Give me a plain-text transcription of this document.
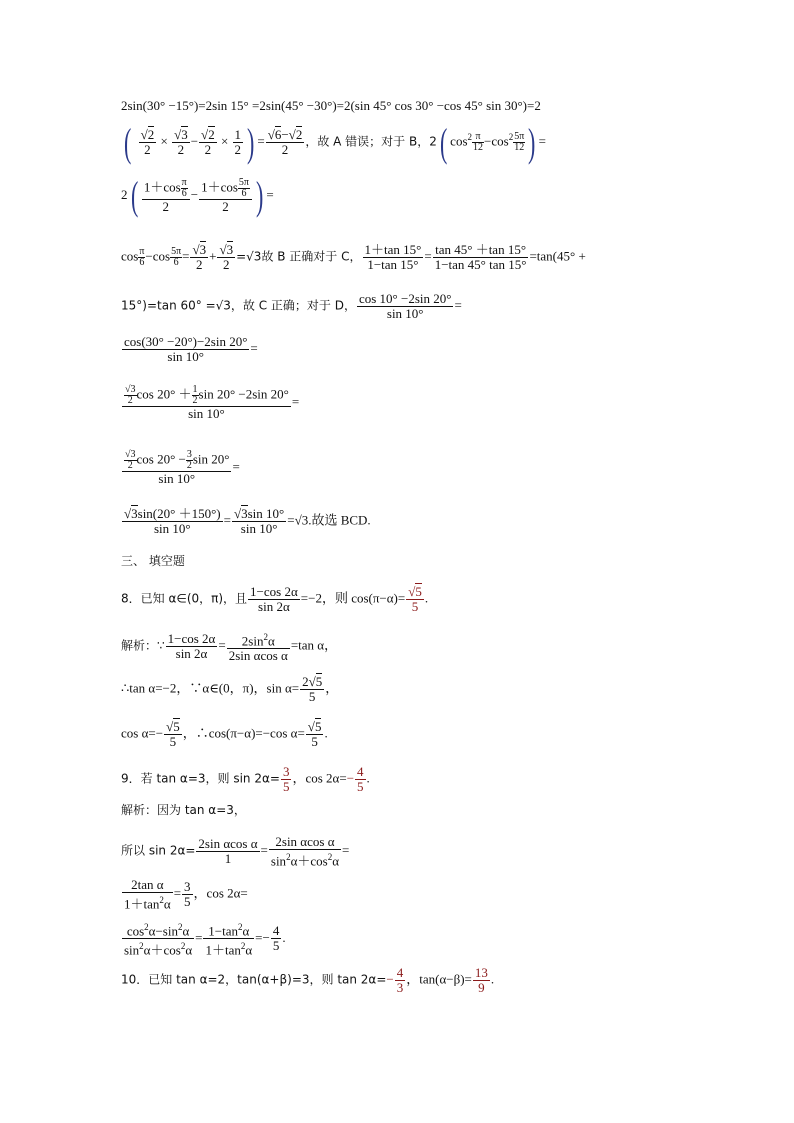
2sin(30° −15°)=2sin 15° =2sin(45° −30°)=2(sin 45° cos 30° −cos 45° sin 30°)=2
( $\frac{√2}{2} \times \frac{√3}{2} - \frac{√2}{2} \times \frac{1}{2}$ ) = $\frac{√6-√2}{2}$ ，故 A 错误；对于 B，2( $\cos^2 \frac{\pi}{12} -\cos^2 \frac{5\pi}{12}$ ) =
$2( \frac{1+\cos \frac{\pi}{6}}{2} - \frac{1+\cos \frac{5\pi}{6}}{2}$ ) =
$\cos \frac{\pi}{6} -\cos \frac{5\pi}{6} = \frac{√3}{2} + \frac{√3}{2} =√3$故 B 正确对于 C， $\frac{1+\tan 15^\circ}{1-\tan 15^\circ} = \frac{\tan 45^\circ +\tan 15^\circ}{1-\tan 45^\circ \tan 15^\circ} =\tan(45^\circ$ +
15°)=tan 60° =√3，故 C 正确；对于 D， $\frac{\cos 10^\circ -2\sin 20^\circ}{\sin 10^\circ}$ =
$\frac{\cos(30^\circ -20^\circ)-2\sin 20^\circ}{\sin 10^\circ}$ =
$\frac{\frac{√3}{2} \cos 20^\circ + \frac{1}{2} \sin 20^\circ -2\sin 20^\circ}{\sin 10^\circ}$ =
$\frac{\frac{√3}{2} \cos 20^\circ - \frac{3}{2} \sin 20^\circ}{\sin 10^\circ}$ =
$\frac{√3\sin(20^\circ +150^\circ)}{\sin 10^\circ} = \frac{√3\sin 10^\circ}{\sin 10^\circ} =√3$.故选 BCD.
三、 填空题
8．已知 α∈(0，π)，且 $\frac{1-\cos 2\alpha}{\sin 2\alpha} =-2$，则 $\cos(\pi-\alpha)= \frac{√5}{5}$ .
解析：∵ $\frac{1-\cos 2\alpha}{\sin 2\alpha} = \frac{2\sin^2\alpha}{\text{2sin αcos α}} =\tan$ α，
∴tan α=−2，∵α∈(0，π)，$\sin \alpha= \frac{2√5}{5}$ ，
$\cos \alpha=- \frac{√5}{5}$ ，∴cos(π−α)=−cos $\alpha= \frac{√5}{5}$ .
9．若 tan α=3，则 $\sin 2\alpha= \frac{3}{5}$ ，$\cos 2\alpha=- \frac{4}{5}$ .
解析：因为 tan α=3，
所以 $\sin 2\alpha= \frac{\text{2sin αcos α}}{1} = \frac{\text{2sin αcos α}}{\sin^2\alpha+\cos^2\alpha}$ =
$\frac{\text{2tan α}}{1+\tan^2\alpha} = \frac{3}{5}$ ，cos 2α=
$\frac{\cos^2\alpha-\sin^2\alpha}{\sin^2\alpha+\cos^2\alpha} = \frac{1-\tan^2\alpha}{1+\tan^2\alpha} =- \frac{4}{5}$ .
10．已知 tan α=2，tan(α+β)=3，则 $\tan 2\alpha=- \frac{4}{3}$ ，$\tan(\alpha-\beta)= \frac{13}{9}$ .
